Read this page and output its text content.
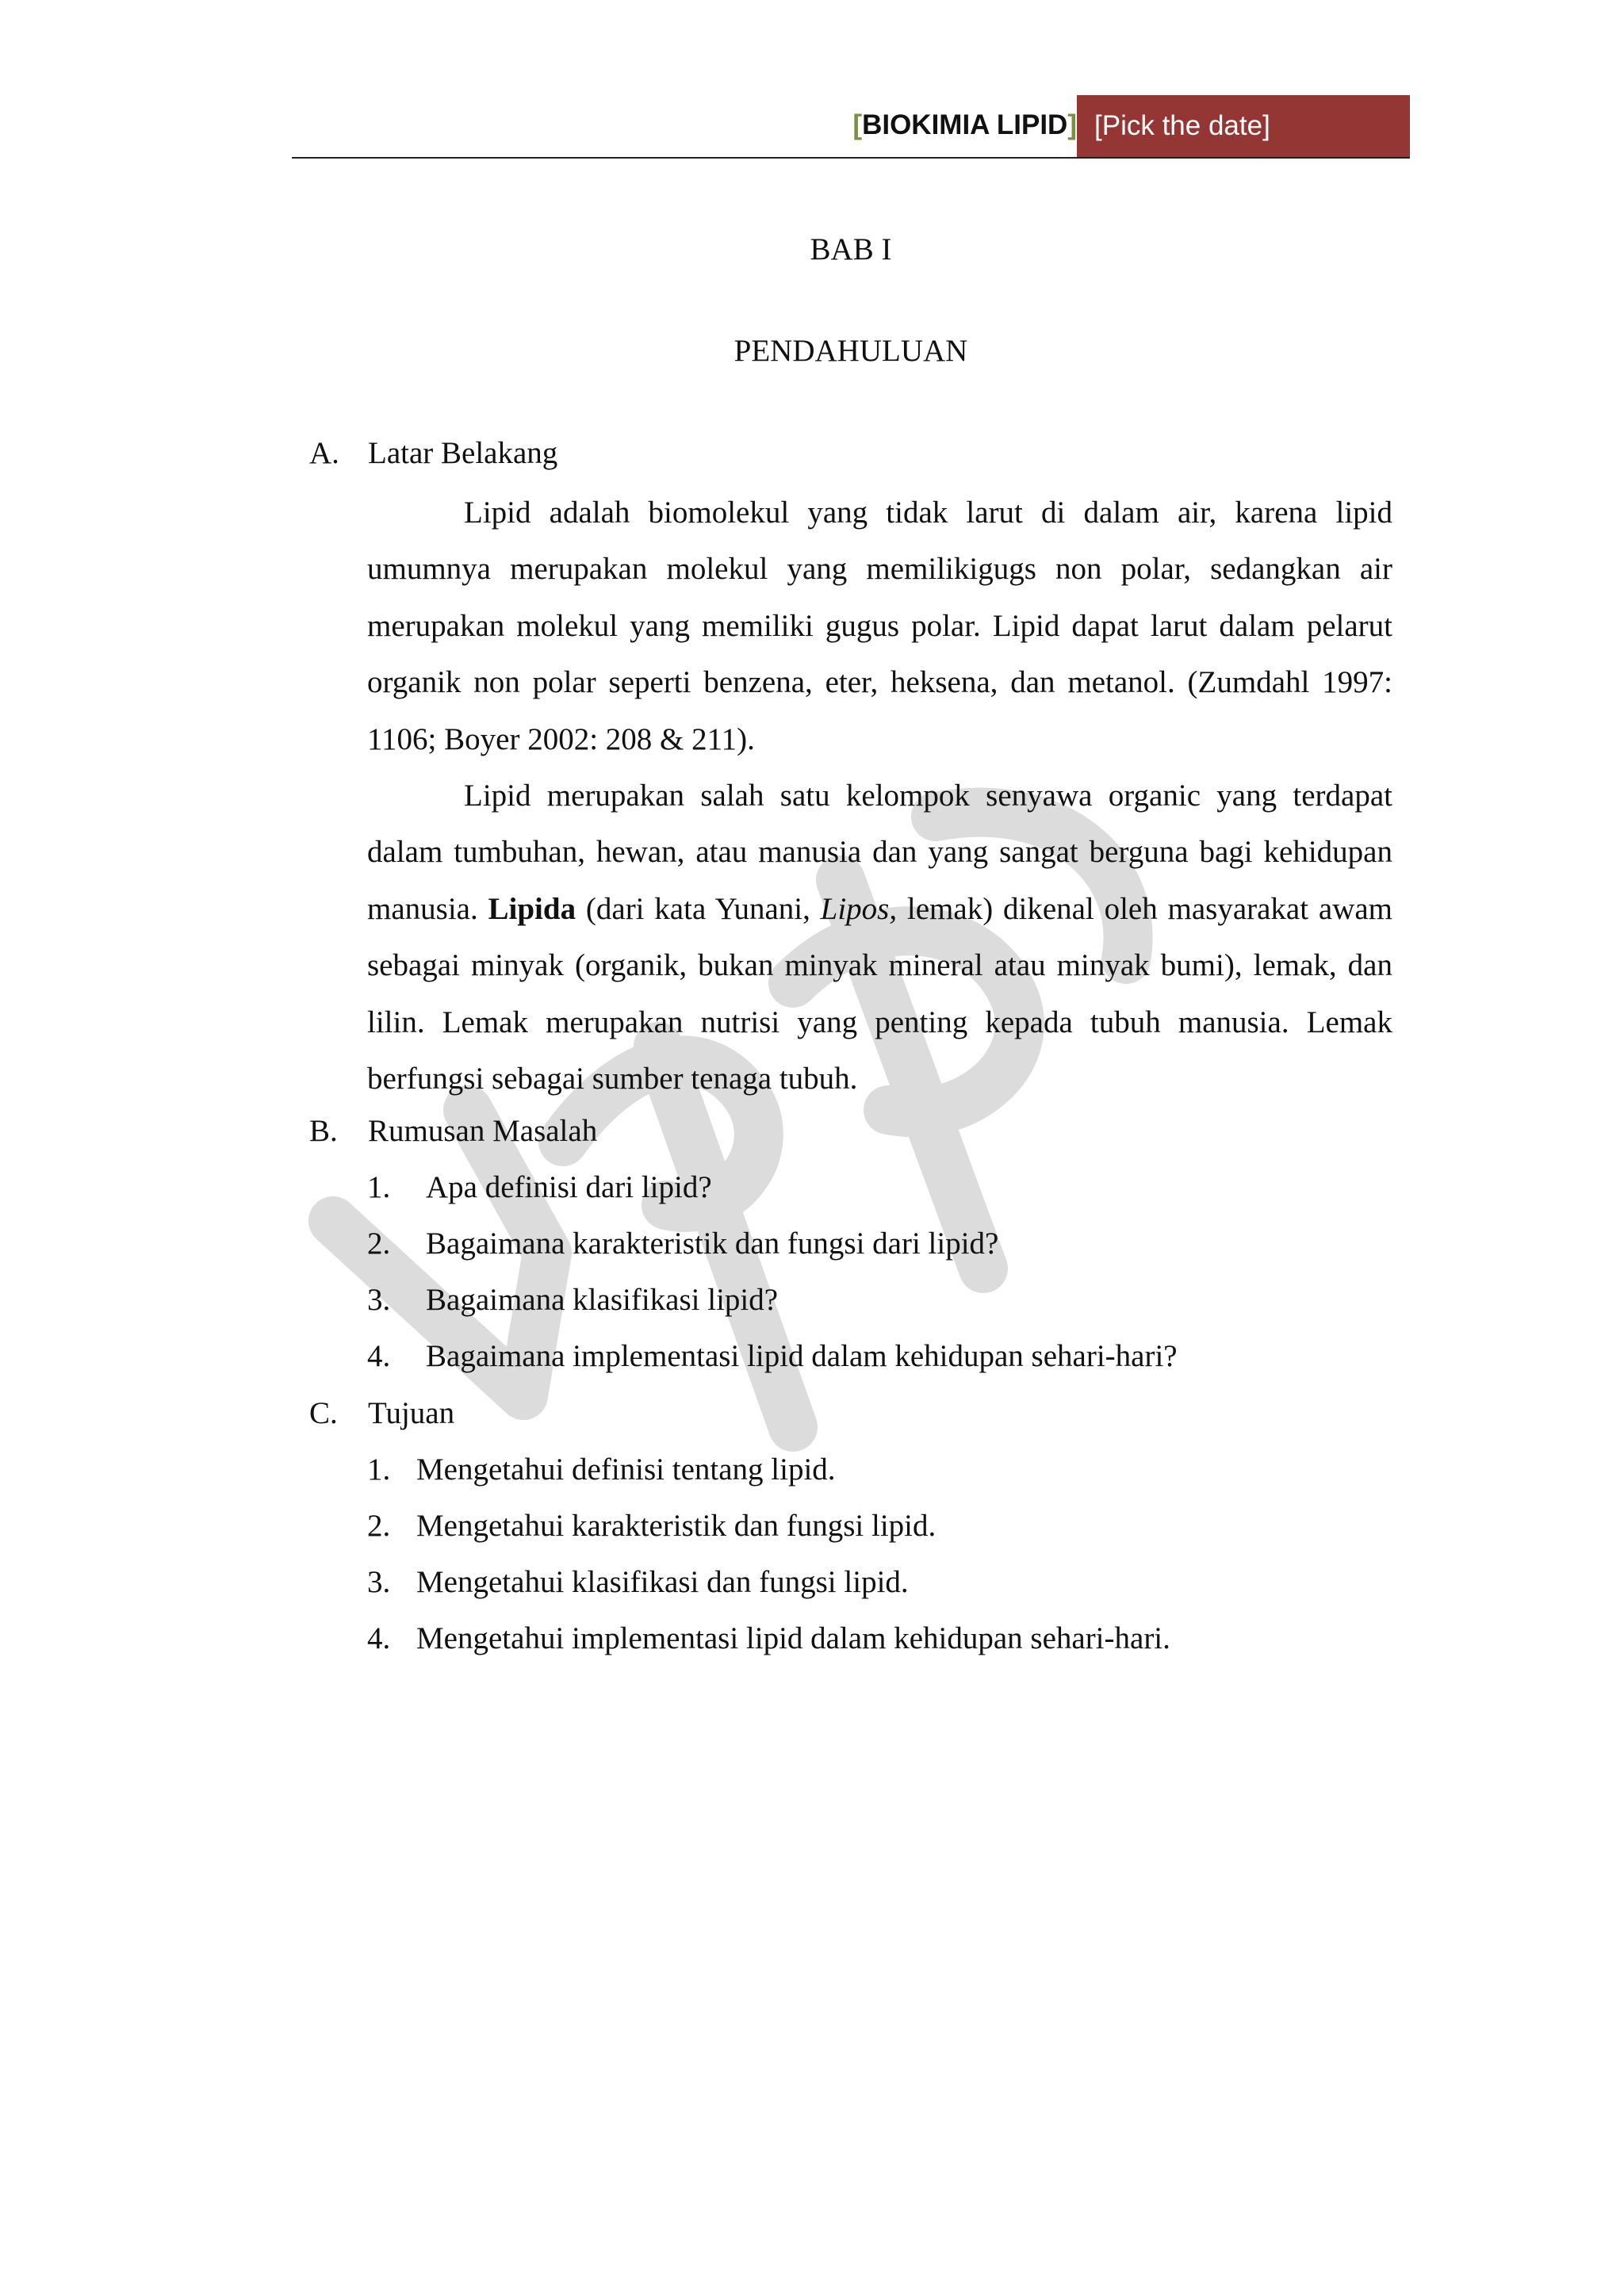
[BIOKIMIA LIPID] [Pick the date]
BAB I
PENDAHULUAN
A. Latar Belakang

Lipid adalah biomolekul yang tidak larut di dalam air, karena lipid umumnya merupakan molekul yang memilikigugs non polar, sedangkan air merupakan molekul yang memiliki gugus polar. Lipid dapat larut dalam pelarut organik non polar seperti benzena, eter, heksena, dan metanol. (Zumdahl 1997: 1106; Boyer 2002: 208 & 211).

Lipid merupakan salah satu kelompok senyawa organic yang terdapat dalam tumbuhan, hewan, atau manusia dan yang sangat berguna bagi kehidupan manusia. Lipida (dari kata Yunani, Lipos, lemak) dikenal oleh masyarakat awam sebagai minyak (organik, bukan minyak mineral atau minyak bumi), lemak, dan lilin. Lemak merupakan nutrisi yang penting kepada tubuh manusia. Lemak berfungsi sebagai sumber tenaga tubuh.

B. Rumusan Masalah
1. Apa definisi dari lipid?
2. Bagaimana karakteristik dan fungsi dari lipid?
3. Bagaimana klasifikasi lipid?
4. Bagaimana implementasi lipid dalam kehidupan sehari-hari?
C. Tujuan
1. Mengetahui definisi tentang lipid.
2. Mengetahui karakteristik dan fungsi lipid.
3. Mengetahui klasifikasi dan fungsi lipid.
4. Mengetahui implementasi lipid dalam kehidupan sehari-hari.
